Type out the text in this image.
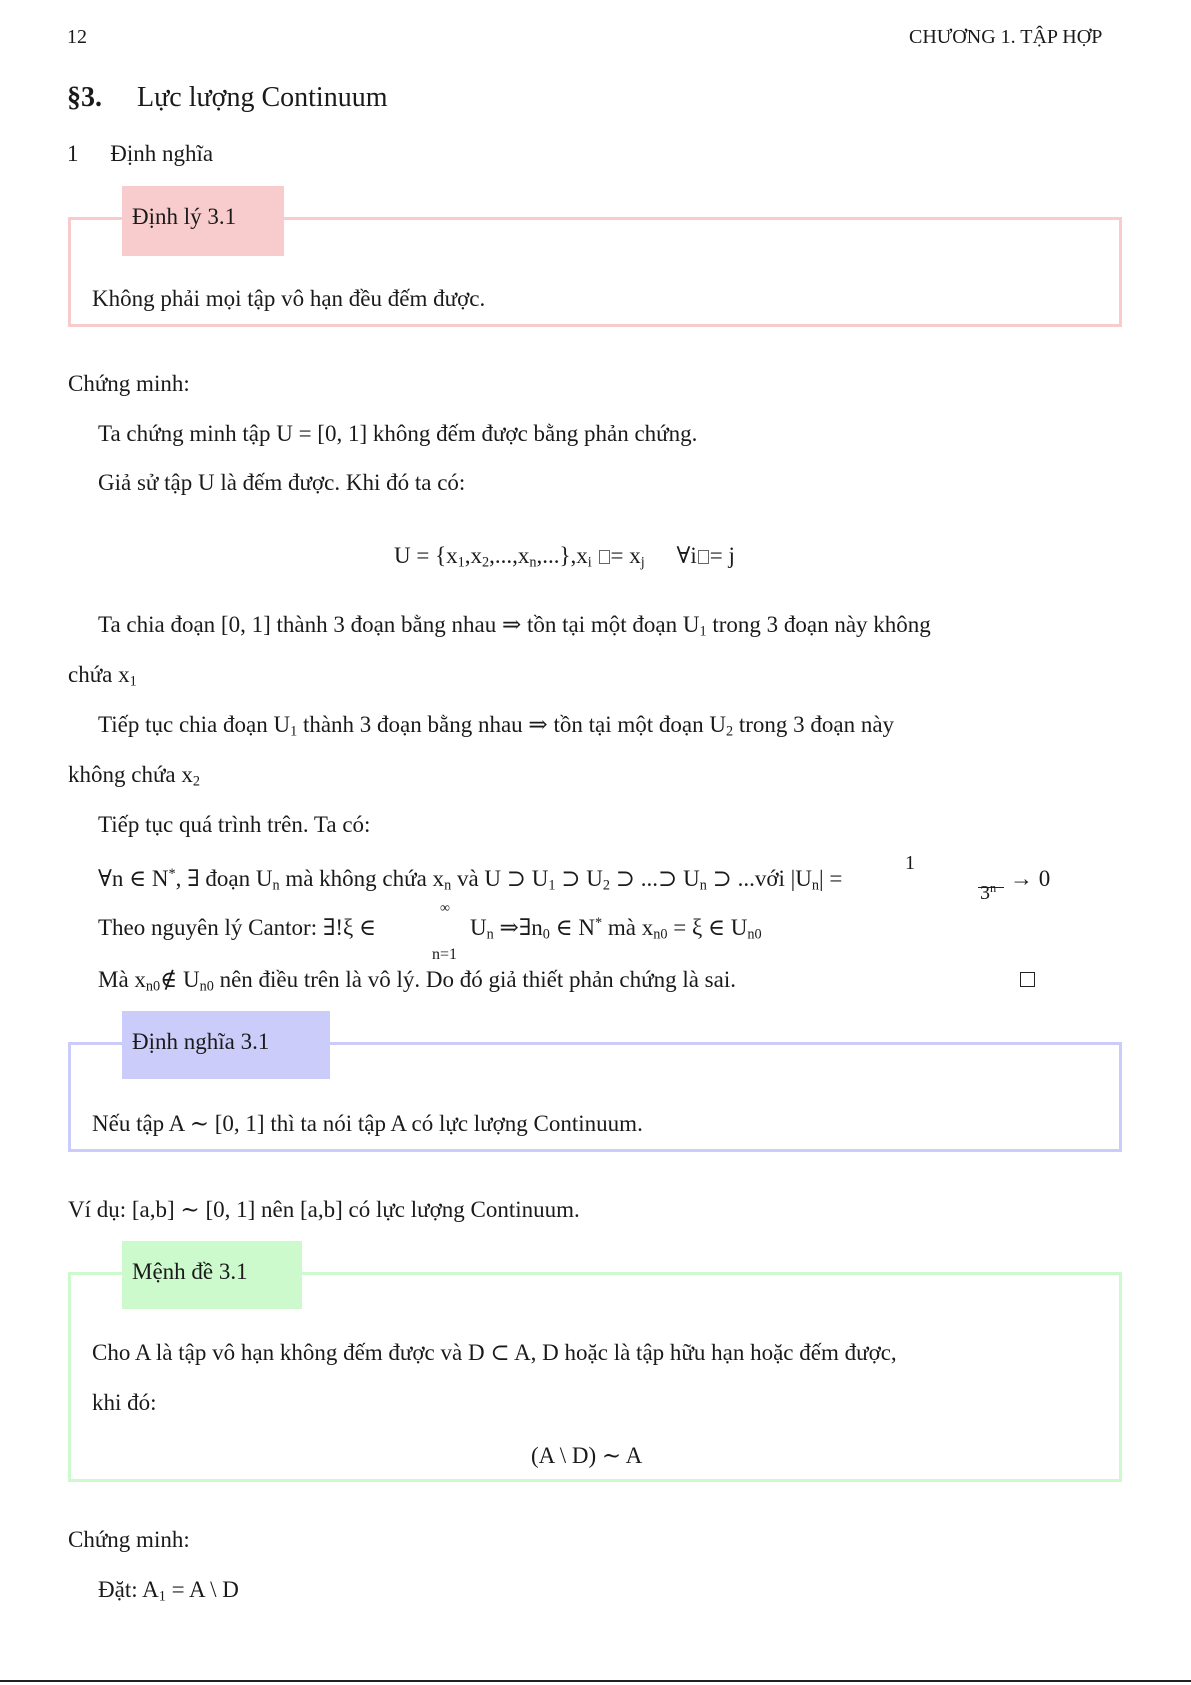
12	CHƯƠNG 1. TẬP HỢP
§3. Lực lượng Continuum
1 Định nghĩa
Định lý 3.1
Không phải mọi tập vô hạn đều đếm được.
Chứng minh:
Ta chứng minh tập U = [0, 1] không đếm được bằng phản chứng.
Giả sử tập U là đếm được. Khi đó ta có:
$U = \{x_1,x_2,...,x_n,...\},x_i = x_j$ ∀i = j
Ta chia đoạn [0, 1] thành 3 đoạn bằng nhau ⇒ tồn tại một đoạn $U_1$ trong 3 đoạn này không
chứa $x_1$
Tiếp tục chia đoạn $U_1$ thành 3 đoạn bằng nhau ⇒ tồn tại một đoạn $U_2$ trong 3 đoạn này
không chứa $x_2$
Tiếp tục quá trình trên. Ta có:
∀n ∈ N*, ∃ đoạn $U_n$ mà không chứa $x_n$ và U ⊃ $U_1$ ⊃ $U_2$ ⊃ ...⊃ $U_n$ ⊃ ...với $|U_n|$ =
1
$3^n \to 0$
Theo nguyên lý Cantor: ∃!ξ ∈
∞
n=1
$U_n$ $\Rightarrow\exists n_0$ ∈ N* mà $x_{n0} = \xi$ ∈ $U_{n0}$
Mà $x_{n0}\notin$ $U_{n0}$ nên điều trên là vô lý. Do đó giả thiết phản chứng là sai.
Định nghĩa 3.1
Nếu tập A ∼ [0, 1] thì ta nói tập A có lực lượng Continuum.
Ví dụ: [a,b] ∼ [0, 1] nên [a,b] có lực lượng Continuum.
Mệnh đề 3.1
Cho A là tập vô hạn không đếm được và D ⊂ A, D hoặc là tập hữu hạn hoặc đếm được,
khi đó:
(A \ D) ∼ A
Chứng minh:
Đặt: $A_1 = A$ \ D
